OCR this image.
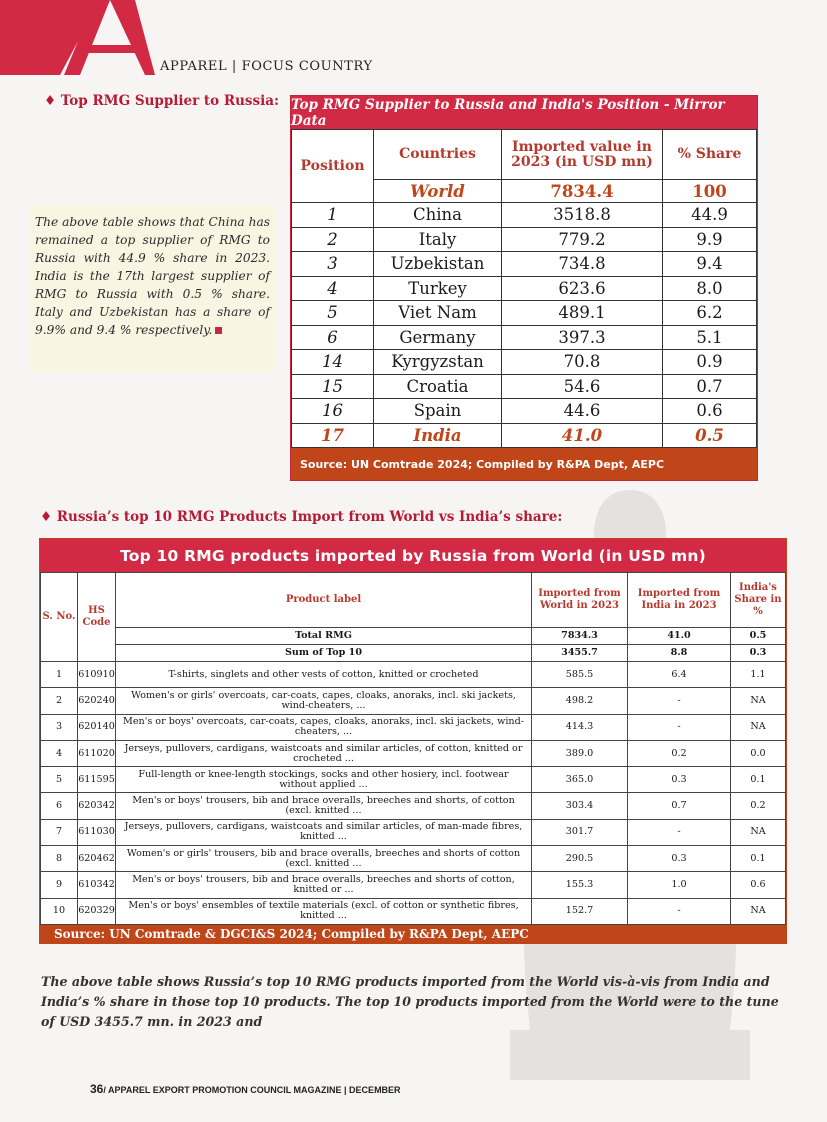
APPAREL | FOCUS COUNTRY
♦ Top RMG Supplier to Russia:
The above table shows that China has remained a top supplier of RMG to Russia with 44.9 % share in 2023. India is the 17th largest supplier of RMG to Russia with 0.5 % share. Italy and Uzbekistan has a share of 9.9% and 9.4 % respectively.
Top RMG Supplier to Russia and India's Position - Mirror Data
Position	Countries	Imported value in 2023 (in USD mn)	% Share
	World	7834.4	100
1	China	3518.8	44.9
2	Italy	779.2	9.9
3	Uzbekistan	734.8	9.4
4	Turkey	623.6	8.0
5	Viet Nam	489.1	6.2
6	Germany	397.3	5.1
14	Kyrgyzstan	70.8	0.9
15	Croatia	54.6	0.7
16	Spain	44.6	0.6
17	India	41.0	0.5
Source: UN Comtrade 2024; Compiled by R&PA Dept, AEPC
♦ Russia’s top 10 RMG Products Import from World vs India’s share:
Top 10 RMG products imported by Russia from World (in USD mn)
S. No.	HS Code	Product label	Imported from World in 2023	Imported from India in 2023	India's Share in %
		Total RMG	7834.3	41.0	0.5
		Sum of Top 10	3455.7	8.8	0.3
1	610910	T-shirts, singlets and other vests of cotton, knitted or crocheted	585.5	6.4	1.1
2	620240	Women's or girls' overcoats, car-coats, capes, cloaks, anoraks, incl. ski jackets, wind-cheaters, ...	498.2	-	NA
3	620140	Men's or boys' overcoats, car-coats, capes, cloaks, anoraks, incl. ski jackets, wind-cheaters, ...	414.3	-	NA
4	611020	Jerseys, pullovers, cardigans, waistcoats and similar articles, of cotton, knitted or crocheted ...	389.0	0.2	0.0
5	611595	Full-length or knee-length stockings, socks and other hosiery, incl. footwear without applied ...	365.0	0.3	0.1
6	620342	Men's or boys' trousers, bib and brace overalls, breeches and shorts, of cotton (excl. knitted ...	303.4	0.7	0.2
7	611030	Jerseys, pullovers, cardigans, waistcoats and similar articles, of man-made fibres, knitted ...	301.7	-	NA
8	620462	Women's or girls' trousers, bib and brace overalls, breeches and shorts of cotton (excl. knitted ...	290.5	0.3	0.1
9	610342	Men's or boys' trousers, bib and brace overalls, breeches and shorts of cotton, knitted or ...	155.3	1.0	0.6
10	620329	Men's or boys' ensembles of textile materials (excl. of cotton or synthetic fibres, knitted ...	152.7	-	NA
Source: UN Comtrade & DGCI&S 2024; Compiled by R&PA Dept, AEPC
The above table shows Russia’s top 10 RMG products imported from the World vis-à-vis from India and India’s % share in those top 10 products. The top 10 products imported from the World were to the tune of USD 3455.7 mn. in 2023 and
36/ APPAREL EXPORT PROMOTION COUNCIL MAGAZINE | DECEMBER
